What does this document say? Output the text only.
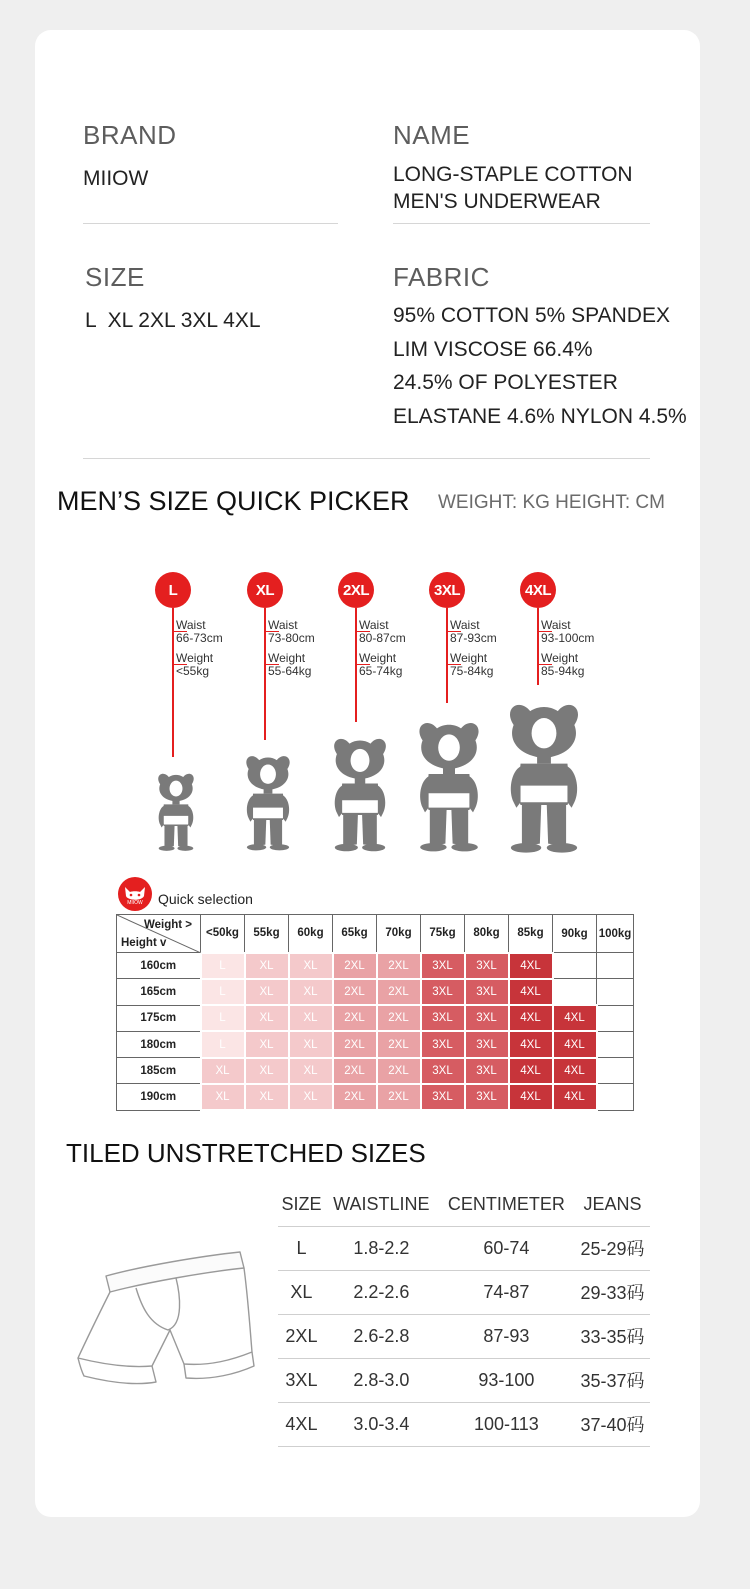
BRAND
MIIOW
NAME
LONG-STAPLE COTTON
MEN'S UNDERWEAR
SIZE
L  XL 2XL 3XL 4XL
FABRIC
95% COTTON 5% SPANDEX
LIM VISCOSE 66.4%
24.5% OF POLYESTER
ELASTANE 4.6% NYLON 4.5%
MEN’S SIZE QUICK PICKER WEIGHT: KG HEIGHT: CM
L
Waist
66-73cm
Weight
<55kg
XL
Waist
73-80cm
Weight
55-64kg
2XL
Waist
80-87cm
Weight
65-74kg
3XL
Waist
87-93cm
Weight
75-84kg
4XL
Waist
93-100cm
Weight
85-94kg
MIIOW	Quick selection
Weight >
Height v	<50kg	55kg	60kg	65kg	70kg	75kg	80kg	85kg	90kg	100kg
160cm	L	XL	XL	2XL	2XL	3XL	3XL	4XL		
165cm	L	XL	XL	2XL	2XL	3XL	3XL	4XL		
175cm	L	XL	XL	2XL	2XL	3XL	3XL	4XL	4XL	
180cm	L	XL	XL	2XL	2XL	3XL	3XL	4XL	4XL	
185cm	XL	XL	XL	2XL	2XL	3XL	3XL	4XL	4XL	
190cm	XL	XL	XL	2XL	2XL	3XL	3XL	4XL	4XL	
TILED UNSTRETCHED SIZES
SIZE	WAISTLINE	CENTIMETER	JEANS
L	1.8-2.2	60-74	25-29码
XL	2.2-2.6	74-87	29-33码
2XL	2.6-2.8	87-93	33-35码
3XL	2.8-3.0	93-100	35-37码
4XL	3.0-3.4	100-113	37-40码
